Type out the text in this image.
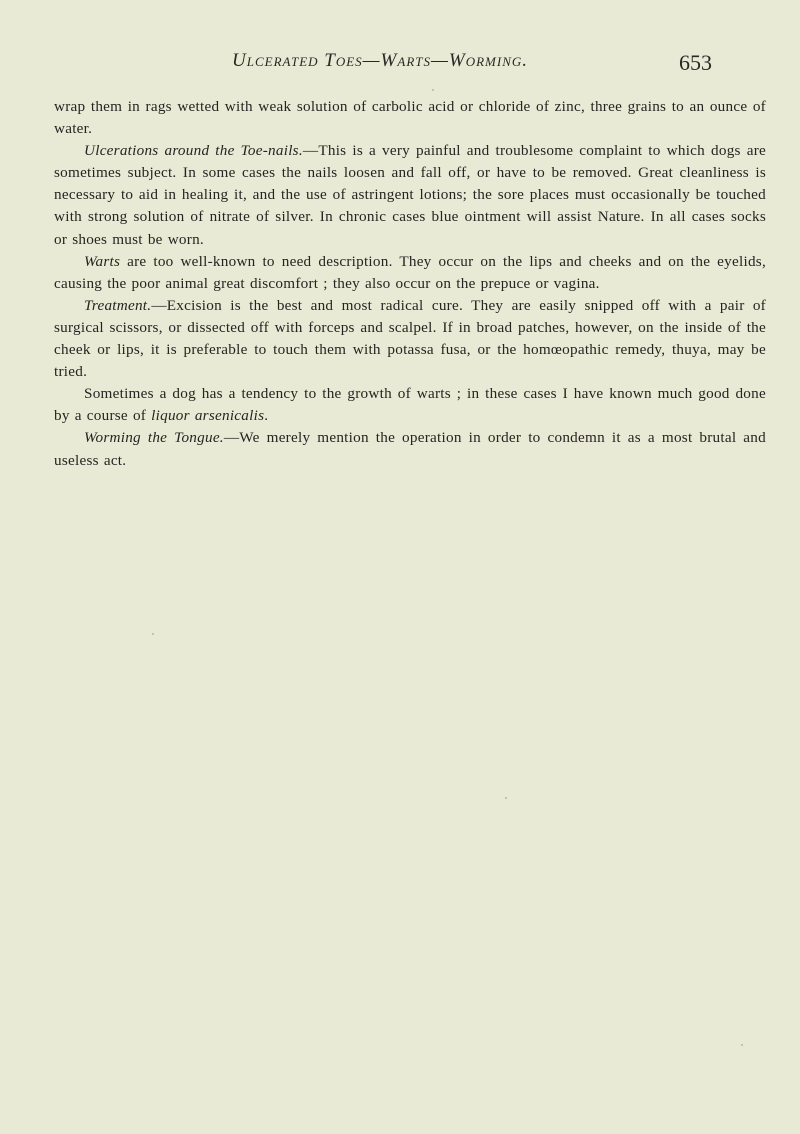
Ulcerated Toes—Warts—Worming.	653

wrap them in rags wetted with weak solution of carbolic acid or chloride of zinc, three grains to an ounce of water.

Ulcerations around the Toe-nails.—This is a very painful and troublesome complaint to which dogs are sometimes subject. In some cases the nails loosen and fall off, or have to be removed. Great cleanliness is necessary to aid in healing it, and the use of astringent lotions; the sore places must occasionally be touched with strong solution of nitrate of silver. In chronic cases blue ointment will assist Nature. In all cases socks or shoes must be worn.

Warts are too well-known to need description. They occur on the lips and cheeks and on the eyelids, causing the poor animal great discomfort ; they also occur on the prepuce or vagina.

Treatment.—Excision is the best and most radical cure. They are easily snipped off with a pair of surgical scissors, or dissected off with forceps and scalpel. If in broad patches, however, on the inside of the cheek or lips, it is preferable to touch them with potassa fusa, or the homœopathic remedy, thuya, may be tried.

Sometimes a dog has a tendency to the growth of warts ; in these cases I have known much good done by a course of liquor arsenicalis.

Worming the Tongue.—We merely mention the operation in order to condemn it as a most brutal and useless act.
